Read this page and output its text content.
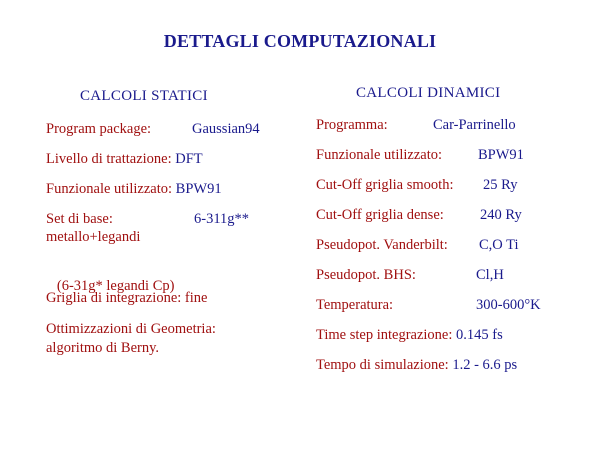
DETTAGLI COMPUTAZIONALI
CALCOLI STATICI
Program package:	Gaussian94
Livello di trattazione: DFT
Funzionale utilizzato: BPW91
Set di base:	6-311g**
metallo+legandi

(6-31g* legandi Cp)

Griglia di integrazione: fine
Ottimizzazioni di Geometria:
algoritmo di Berny.
CALCOLI DINAMICI
Programma:	Car-Parrinello
Funzionale utilizzato: BPW91
Cut-Off griglia smooth: 25 Ry
Cut-Off griglia dense: 240 Ry
Pseudopot. Vanderbilt: C,O Ti
Pseudopot. BHS:	Cl,H
Temperatura:	300-600°K
Time step integrazione: 0.145 fs
Tempo di simulazione: 1.2 - 6.6 ps
